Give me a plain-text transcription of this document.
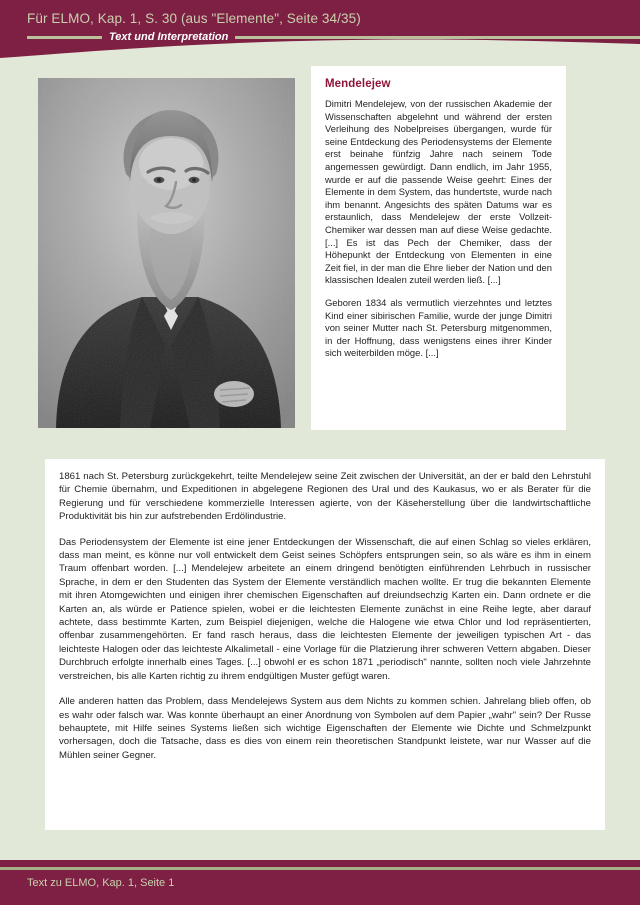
Für ELMO, Kap. 1, S. 30 (aus "Elemente", Seite 34/35)
Text und Interpretation
Mendelejew

Dimitri Mendelejew, von der russischen Akademie der Wissenschaften abgelehnt und während der ersten Verleihung des Nobelpreises übergangen, wurde für seine Entdeckung des Periodensystems der Elemente erst beinahe fünfzig Jahre nach seinem Tode angemessen gewürdigt. Dann endlich, im Jahr 1955, wurde er auf die passende Weise geehrt: Eines der Elemente in dem System, das hundertste, wurde nach ihm benannt. Angesichts des späten Datums war es erstaunlich, dass Mendelejew der erste Vollzeit-Chemiker war dessen man auf diese Weise gedachte. [...] Es ist das Pech der Chemiker, dass der Höhepunkt der Entdeckung von Elementen in eine Zeit fiel, in der man die Ehre lieber der Nation und den klassischen Idealen zuteil werden ließ. [...]

Geboren 1834 als vermutlich vierzehntes und letztes Kind einer sibirischen Familie, wurde der junge Dimitri von seiner Mutter nach St. Petersburg mitgenommen, in der Hoffnung, dass wenigstens eines ihrer Kinder sich weiterbilden möge. [...]

1861 nach St. Petersburg zurückgekehrt, teilte Mendelejew seine Zeit zwischen der Universität, an der er bald den Lehrstuhl für Chemie übernahm, und Expeditionen in abgelegene Regionen des Ural und des Kaukasus, wo er als Berater für die Regierung und für verschiedene kommerzielle Interessen agierte, von der Käseherstellung über die landwirtschaftliche Produktivität bis hin zur aufstrebenden Erdölindustrie.

Das Periodensystem der Elemente ist eine jener Entdeckungen der Wissenschaft, die auf einen Schlag so vieles erklären, dass man meint, es könne nur voll entwickelt dem Geist seines Schöpfers entsprungen sein, so als wäre es ihm in einem Traum offenbart worden. [...] Mendelejew arbeitete an einem dringend benötigten einführenden Lehrbuch in russischer Sprache, in dem er den Studenten das System der Elemente verständlich machen wollte. Er trug die bekannten Elemente mit ihren Atomgewichten und einigen ihrer chemischen Eigenschaften auf dreiundsechzig Karten ein. Dann ordnete er die Karten an, als würde er Patience spielen, wobei er die leichtesten Elemente zunächst in eine Reihe legte, aber darauf achtete, dass bestimmte Karten, zum Beispiel diejenigen, welche die Halogene wie etwa Chlor und Iod repräsentierten, offenbar zusammengehörten. Er fand rasch heraus, dass die leichtesten Elemente der jeweiligen typischen Art - das leichteste Halogen oder das leichteste Alkalimetall - eine Vorlage für die Platzierung ihrer schweren Vettern abgaben. Dieser Durchbruch erfolgte innerhalb eines Tages. [...] obwohl er es schon 1871 „periodisch" nannte, sollten noch viele Jahrzehnte verstreichen, bis alle Karten richtig zu ihrem endgültigen Muster gefügt waren.

Alle anderen hatten das Problem, dass Mendelejews System aus dem Nichts zu kommen schien. Jahrelang blieb offen, ob es wahr oder falsch war. Was konnte überhaupt an einer Anordnung von Symbolen auf dem Papier „wahr" sein? Der Russe behauptete, mit Hilfe seines Systems ließen sich wichtige Eigenschaften der Elemente wie Dichte und Schmelzpunkt vorhersagen, doch die Tatsache, dass es dies von einem rein theoretischen Standpunkt leistete, war nur Wasser auf die Mühlen seiner Gegner.

Text zu ELMO, Kap. 1, Seite 1
